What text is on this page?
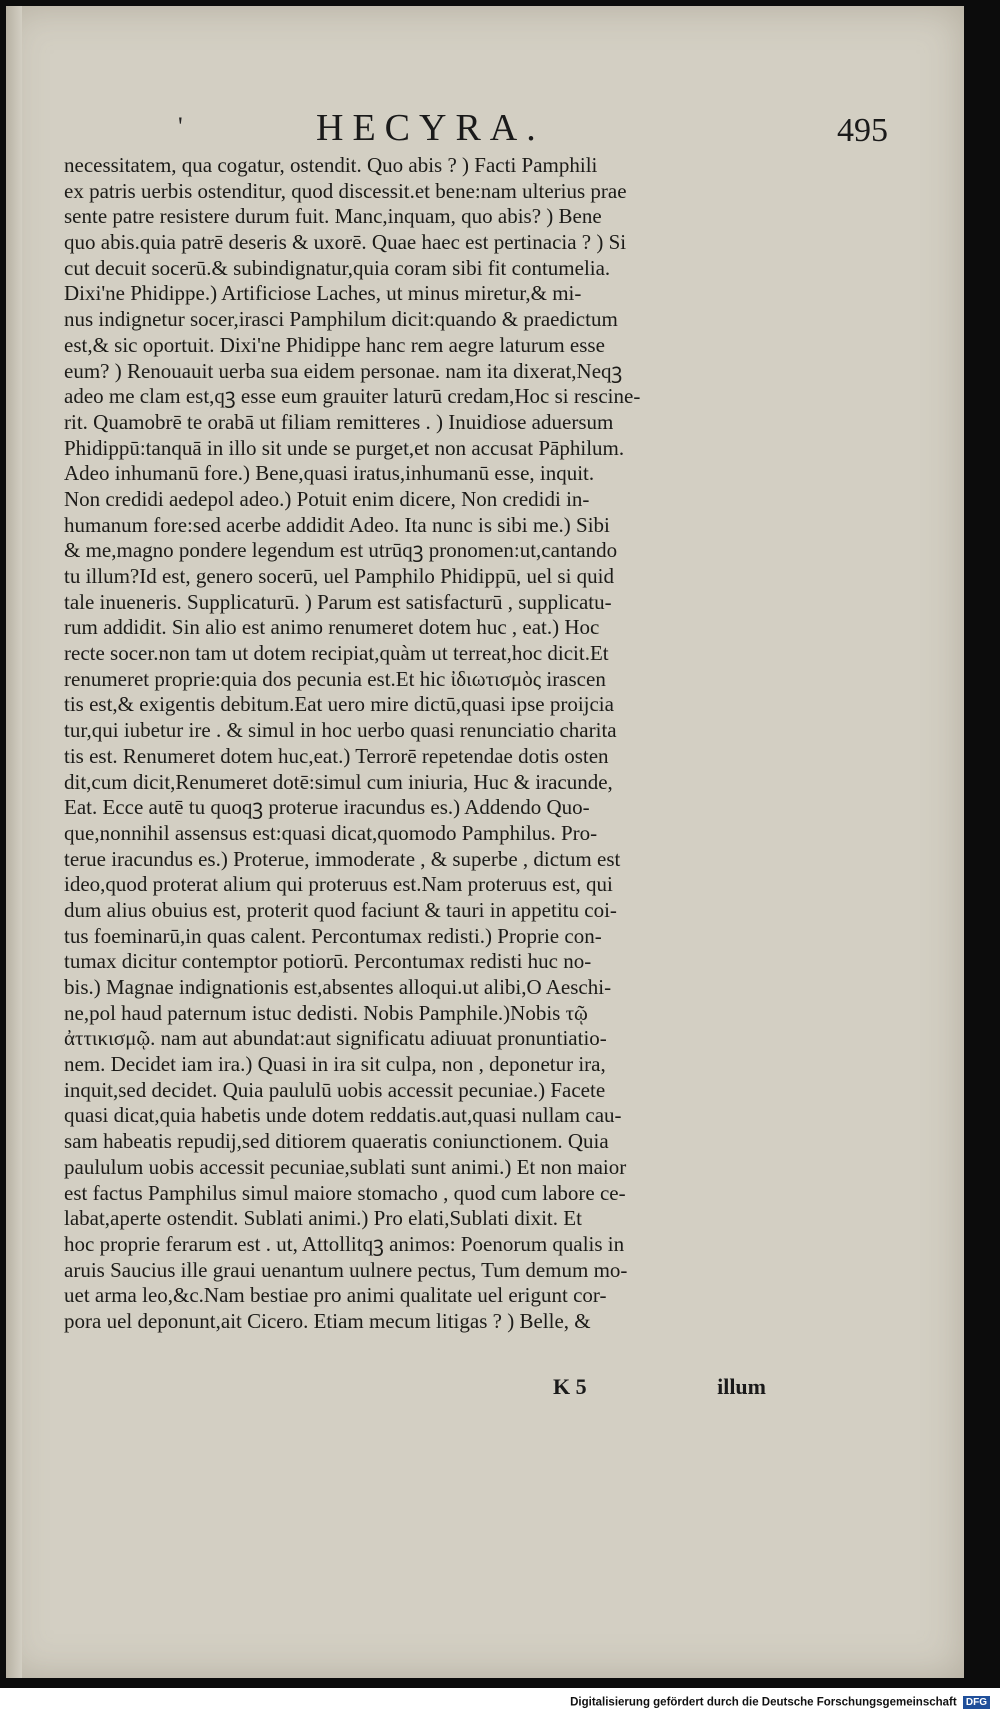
'	HECYRA.	495
necessitatem, qua cogatur, ostendit. Quo abis ? ) Facti Pamphili
ex patris uerbis ostenditur, quod discessit.et bene:nam ulterius prae
sente patre resistere durum fuit. Manc,inquam, quo abis? ) Bene
quo abis.quia patrē deseris & uxorē. Quae haec est pertinacia ? ) Si
cut decuit socerū.& subindignatur,quia coram sibi fit contumelia.
Dixi'ne Phidippe.) Artificiose Laches, ut minus miretur,& mi-
nus indignetur socer,irasci Pamphilum dicit:quando & praedictum
est,& sic oportuit. Dixi'ne Phidippe hanc rem aegre laturum esse
eum? ) Renouauit uerba sua eidem personae. nam ita dixerat,Neqꝫ
adeo me clam est,qꝫ esse eum grauiter laturū credam,Hoc si rescine-
rit. Quamobrē te orabā ut filiam remitteres . ) Inuidiose aduersum
Phidippū:tanquā in illo sit unde se purget,et non accusat Pāphilum.
Adeo inhumanū fore.) Bene,quasi iratus,inhumanū esse, inquit.
Non credidi aedepol adeo.) Potuit enim dicere, Non credidi in-
humanum fore:sed acerbe addidit Adeo. Ita nunc is sibi me.) Sibi
& me,magno pondere legendum est utrūqꝫ pronomen:ut,cantando
tu illum?Id est, genero socerū, uel Pamphilo Phidippū, uel si quid
tale inueneris. Supplicaturū. ) Parum est satisfacturū , supplicatu-
rum addidit. Sin alio est animo renumeret dotem huc , eat.) Hoc
recte socer.non tam ut dotem recipiat,quàm ut terreat,hoc dicit.Et
renumeret proprie:quia dos pecunia est.Et hic ἰδιωτισμὸς irascen
tis est,& exigentis debitum.Eat uero mire dictū,quasi ipse proijcia
tur,qui iubetur ire . & simul in hoc uerbo quasi renunciatio charita
tis est. Renumeret dotem huc,eat.) Terrorē repetendae dotis osten
dit,cum dicit,Renumeret dotē:simul cum iniuria, Huc & iracunde,
Eat. Ecce autē tu quoqꝫ proterue iracundus es.) Addendo Quo-
que,nonnihil assensus est:quasi dicat,quomodo Pamphilus. Pro-
terue iracundus es.) Proterue, immoderate , & superbe , dictum est
ideo,quod proterat alium qui proteruus est.Nam proteruus est, qui
dum alius obuius est, proterit quod faciunt & tauri in appetitu coi-
tus foeminarū,in quas calent. Percontumax redisti.) Proprie con-
tumax dicitur contemptor potiorū. Percontumax redisti huc no-
bis.) Magnae indignationis est,absentes alloqui.ut alibi,O Aeschi-
ne,pol haud paternum istuc dedisti. Nobis Pamphile.)Nobis τῷ
ἀττικισμῷ. nam aut abundat:aut significatu adiuuat pronuntiatio-
nem. Decidet iam ira.) Quasi in ira sit culpa, non , deponetur ira,
inquit,sed decidet. Quia paululū uobis accessit pecuniae.) Facete
quasi dicat,quia habetis unde dotem reddatis.aut,quasi nullam cau-
sam habeatis repudij,sed ditiorem quaeratis coniunctionem. Quia
paululum uobis accessit pecuniae,sublati sunt animi.) Et non maior
est factus Pamphilus simul maiore stomacho , quod cum labore ce-
labat,aperte ostendit. Sublati animi.) Pro elati,Sublati dixit. Et
hoc proprie ferarum est . ut, Attollitqꝫ animos: Poenorum qualis in
aruis Saucius ille graui uenantum uulnere pectus, Tum demum mo-
uet arma leo,&c.Nam bestiae pro animi qualitate uel erigunt cor-
pora uel deponunt,ait Cicero. Etiam mecum litigas ? ) Belle, &
K 5	illum
Digitalisierung gefördert durch die Deutsche Forschungsgemeinschaft DFG
